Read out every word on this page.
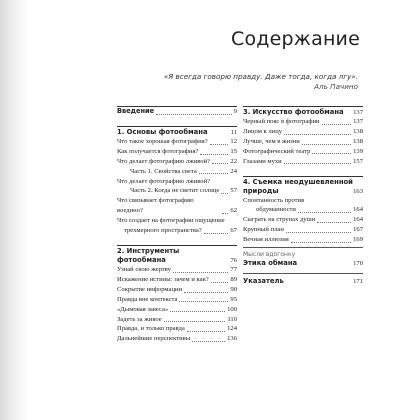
Содержание
«Я всегда говорю правду. Даже тогда, когда лгу».
Аль Пачино
Введение	9
1. Основы фотообмана	11
Что такое хорошая фотография?	12
Как получается фотография?	15
Что делает фотографию лживой?	22
Часть 1. Свойства света	24
Что делает фотографию лживой?
Часть 2. Когда не светит солнце 57
Что связывает фотографию воедино?	62
Что создает на фотографии ощущение
трехмерного пространства?	67
2. Инструменты фотообмана	76
Узнай свою жертву	77
Искажение истины: зачем и как?	89
Сокрытие информации	90
Правда вне контекста	95
«Дымовая завеса»	100
Задеть за живое	110
Правда, и только правда	124
Дальнейшие перспективы	136
3. Искусство фотообмана	137
Черный пояс в фотографии	137
Лицом к лицу	138
Лучше, чем в жизни	138
Фотографический театр	139
Глазами мухи	157
4. Съемка неодушевленной
природы	163
Спонтанность против
обдуманности	164
Сыграть на струнах души	164
Крупный план	167
Вечная иллюзия	169
Мысли вдогонку
Этика обмана	170
Указатель	171
